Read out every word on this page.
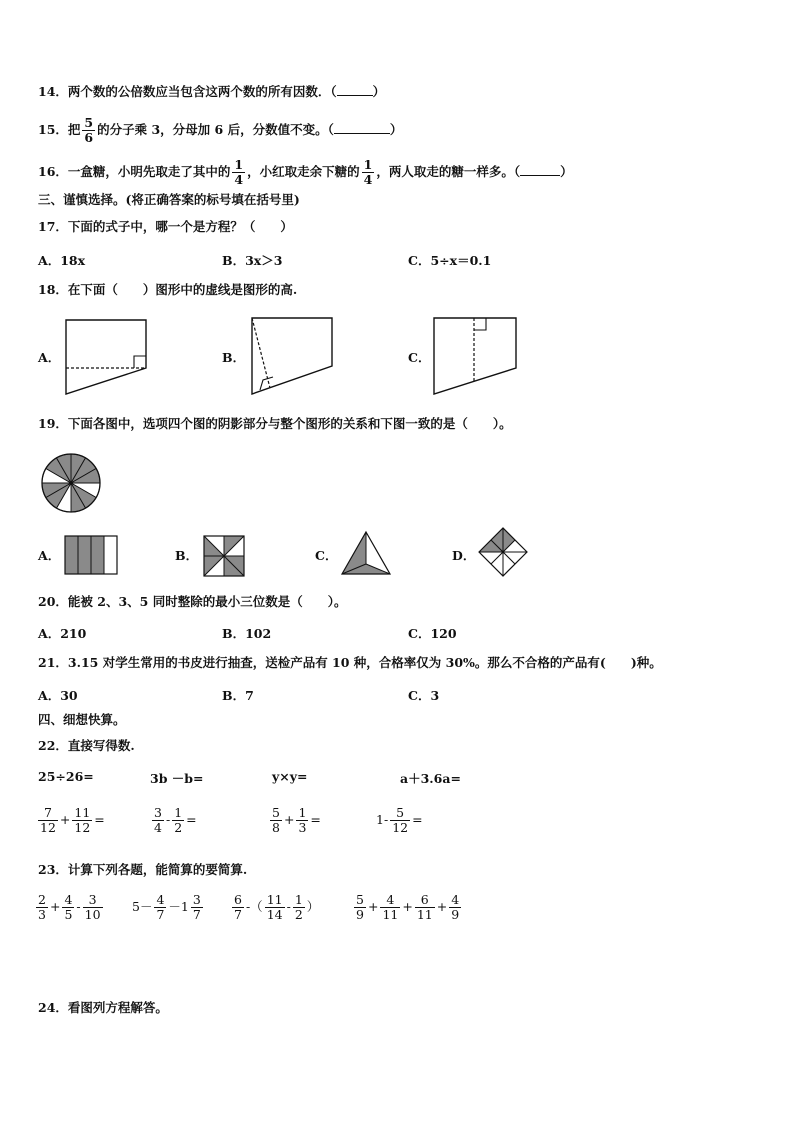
14．两个数的公倍数应当包含这两个数的所有因数．（	）
15．把 $\frac{5}{6}$ 的分子乘 3，分母加 6 后，分数值不变。（	）
16．一盒糖，小明先取走了其中的 $\frac{1}{4}$ ，小红取走余下糖的 $\frac{1}{4}$ ，两人取走的糖一样多。（	）
三、谨慎选择。(将正确答案的标号填在括号里)
17．下面的式子中，哪一个是方程？（　　）
A．18x	B．3x＞3	C．5÷x＝0.1
18．在下面（　　）图形中的虚线是图形的高.
A．	B．	C．
19．下面各图中，选项四个图的阴影部分与整个图形的关系和下图一致的是（　　）。
A．	B．	C．	D．
20．能被 2、3、5 同时整除的最小三位数是（　　）。
A．210	B．102	C．120
21．3.15 对学生常用的书皮进行抽查，送检产品有 10 种，合格率仅为 30%。那么不合格的产品有(　　)种。
A．30	B．7	C．3
四、细想快算。
22．直接写得数.
25÷26=	3b －b=	y×y=	a＋3.6a=
$\frac{7}{12} + \frac{11}{12}$ =	$\frac{3}{4} - \frac{1}{2}$ =	$\frac{5}{8} + \frac{1}{3}$ =	$1- \frac{5}{12}$ =
23．计算下列各题，能简算的要简算.
$\frac{2}{3} + \frac{4}{5} - \frac{3}{10} 5- \frac{4}{7} -1 \frac{3}{7} \frac{6}{7}$ -（ $\frac{11}{14} - \frac{1}{2}$ ）	$\frac{5}{9} + \frac{4}{11} + \frac{6}{11} + \frac{4}{9}$
24．看图列方程解答。
